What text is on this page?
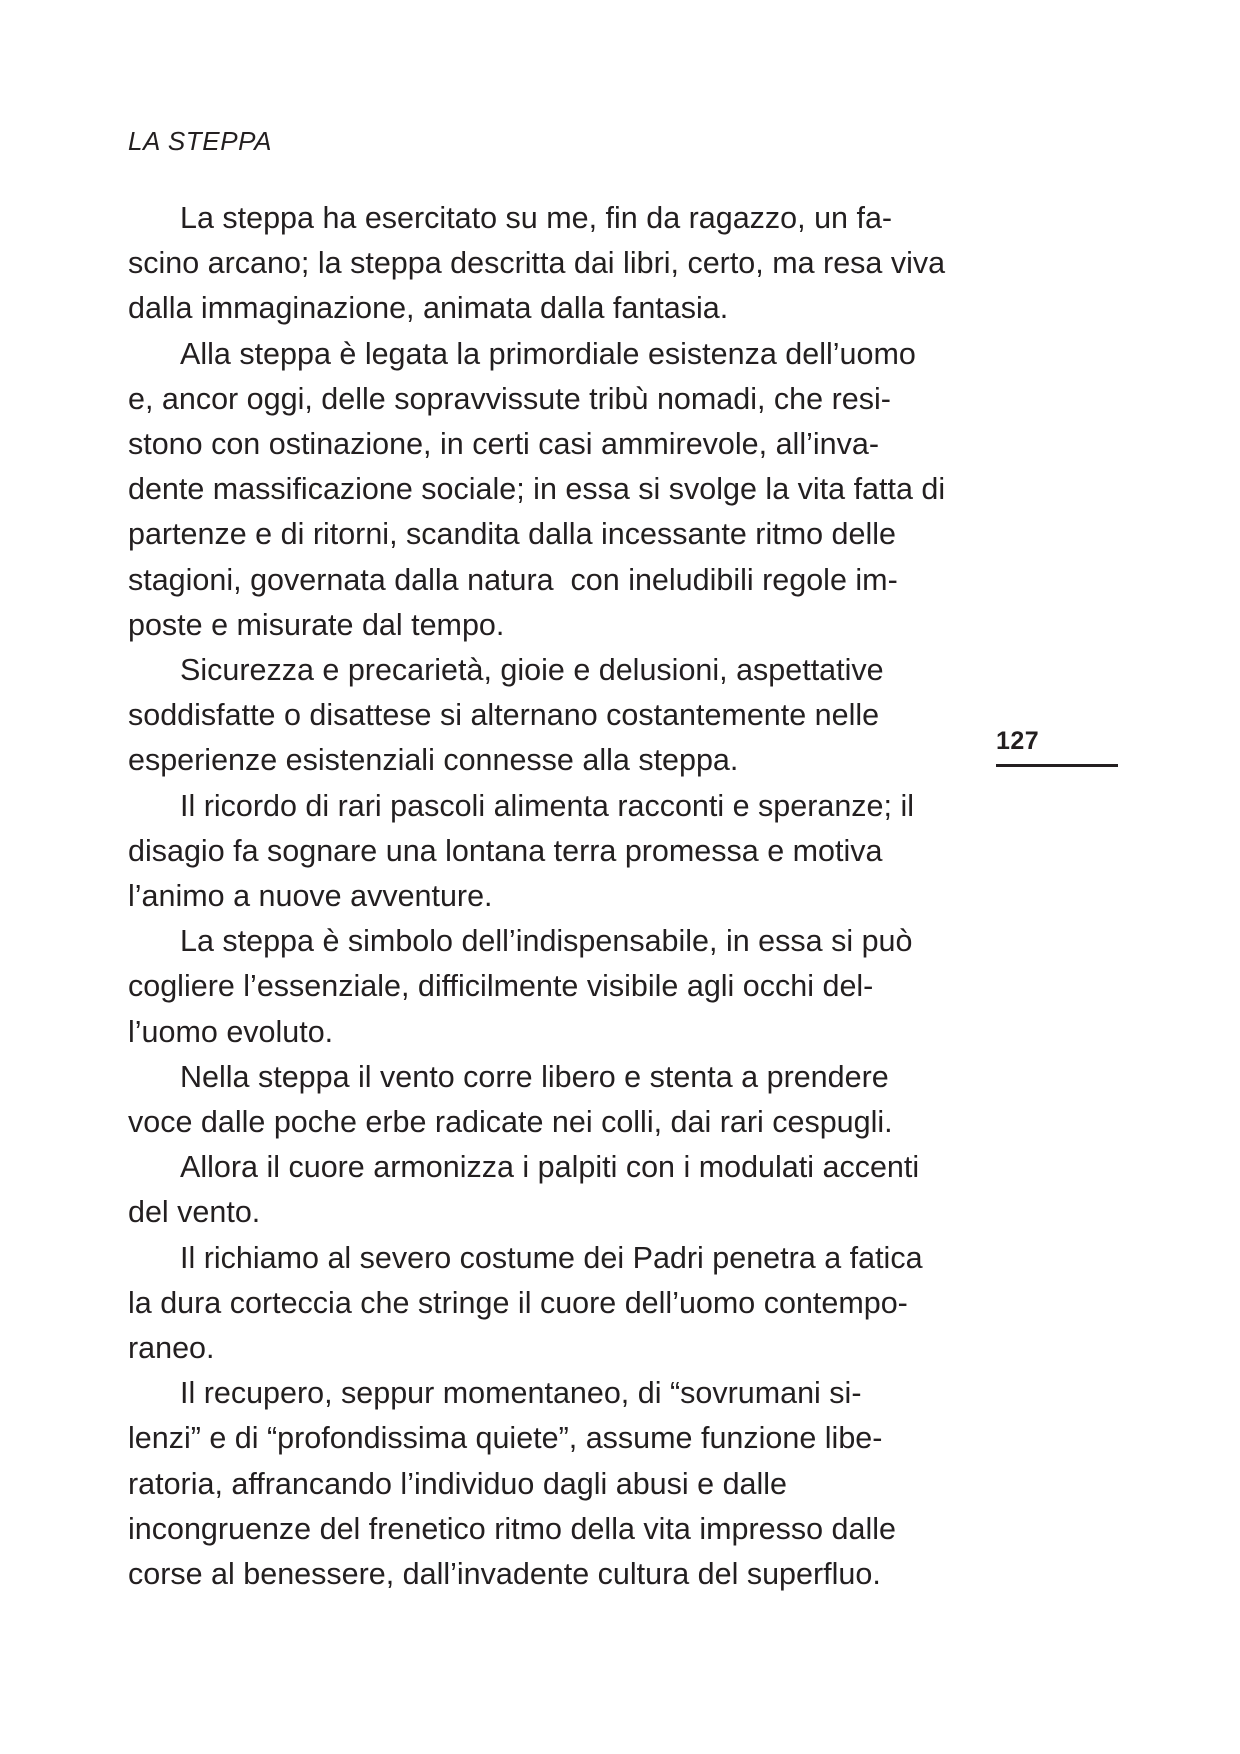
LA STEPPA
La steppa ha esercitato su me, fin da ragazzo, un fa-
scino arcano; la steppa descritta dai libri, certo, ma resa viva
dalla immaginazione, animata dalla fantasia.
Alla steppa è legata la primordiale esistenza dell’uomo
e, ancor oggi, delle sopravvissute tribù nomadi, che resi-
stono con ostinazione, in certi casi ammirevole, all’inva-
dente massificazione sociale; in essa si svolge la vita fatta di
partenze e di ritorni, scandita dalla incessante ritmo delle
stagioni, governata dalla natura  con ineludibili regole im-
poste e misurate dal tempo.
Sicurezza e precarietà, gioie e delusioni, aspettative
soddisfatte o disattese si alternano costantemente nelle
esperienze esistenziali connesse alla steppa.
Il ricordo di rari pascoli alimenta racconti e speranze; il
disagio fa sognare una lontana terra promessa e motiva
l’animo a nuove avventure.
La steppa è simbolo dell’indispensabile, in essa si può
cogliere l’essenziale, difficilmente visibile agli occhi del-
l’uomo evoluto.
Nella steppa il vento corre libero e stenta a prendere
voce dalle poche erbe radicate nei colli, dai rari cespugli.
Allora il cuore armonizza i palpiti con i modulati accenti
del vento.
Il richiamo al severo costume dei Padri penetra a fatica
la dura corteccia che stringe il cuore dell’uomo contempo-
raneo.
Il recupero, seppur momentaneo, di “sovrumani si-
lenzi” e di “profondissima quiete”, assume funzione libe-
ratoria, affrancando l’individuo dagli abusi e dalle
incongruenze del frenetico ritmo della vita impresso dalle
corse al benessere, dall’invadente cultura del superfluo.
127
